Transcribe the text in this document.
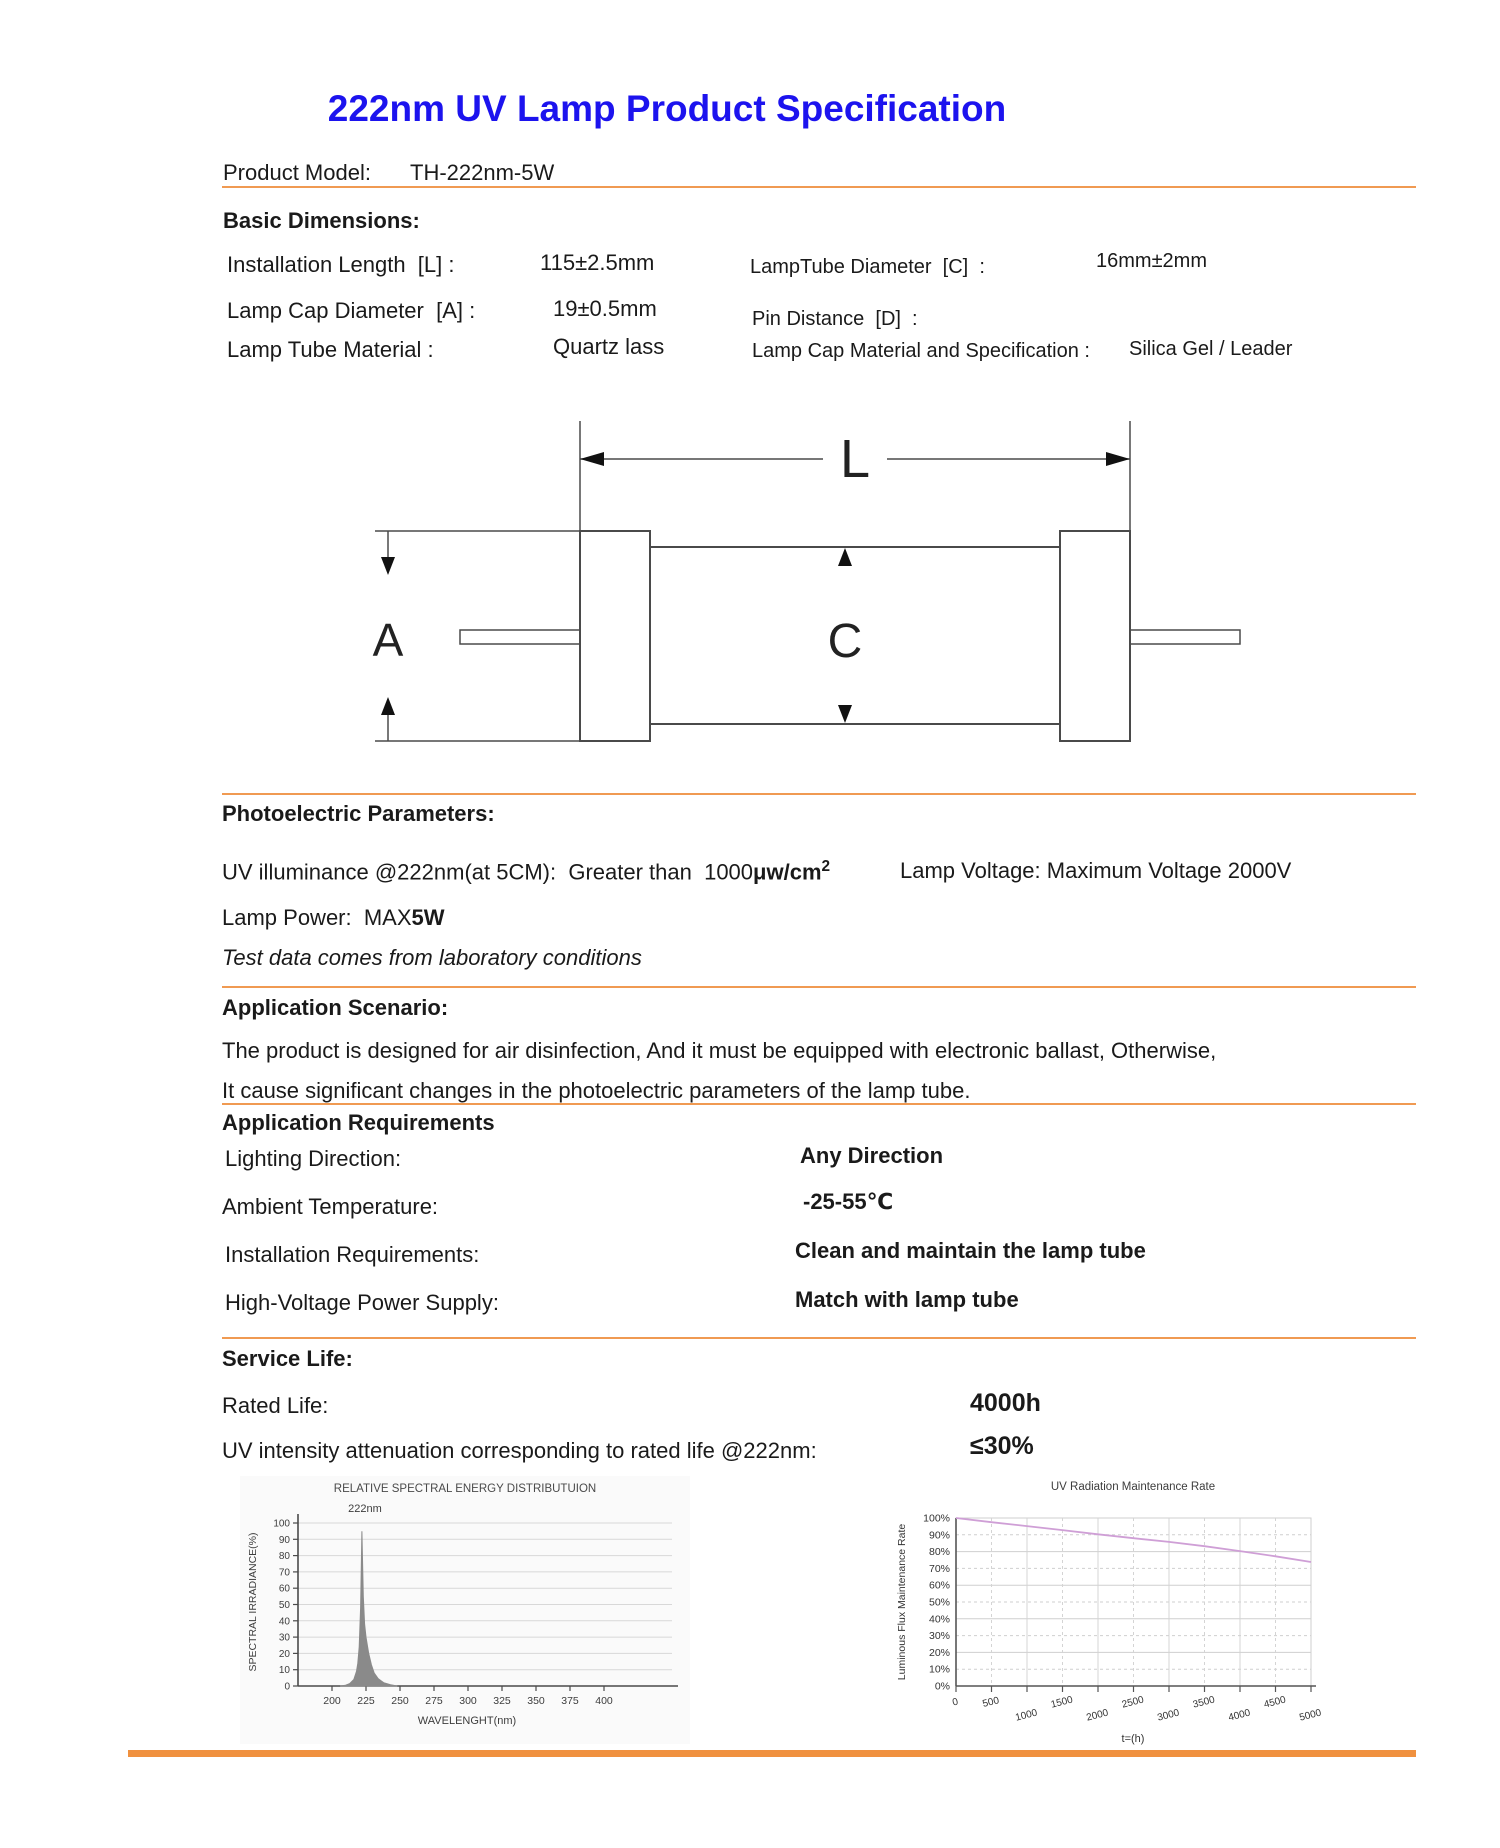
222nm UV Lamp Product Specification
Product Model: TH-222nm-5W
Basic Dimensions:
Installation Length  [L] :	115±2.5mm	LampTube Diameter  [C]  :	16mm±2mm
Lamp Cap Diameter  [A] :	19±0.5mm	Pin Distance  [D]  :
Lamp Tube Material :	Quartz lass	Lamp Cap Material and Specification : Silica Gel / Leader
L
A	C
Photoelectric Parameters:
UV illuminance @222nm(at 5CM):  Greater than  $1000\mu w/cm^2$	Lamp Voltage: Maximum Voltage 2000V
Lamp Power:  MAX5W
Test data comes from laboratory conditions
Application Scenario:
The product is designed for air disinfection, And it must be equipped with electronic ballast, Otherwise,
It cause significant changes in the photoelectric parameters of the lamp tube.
Application Requirements
Lighting Direction:	Any Direction
Ambient Temperature:	-25-55℃
Installation Requirements:	Clean and maintain the lamp tube
High-Voltage Power Supply:	Match with lamp tube
Service Life:
Rated Life:	4000h
UV intensity attenuation corresponding to rated life @222nm:	≤30%
RELATIVE SPECTRAL ENERGY DISTRIBUTUION
0
10
20
30
40
50
60
70
80
90
100
200 225 250 275 300 325 350 375 400
222nm
WAVELENGHT(nm)
SPECTRAL IRRADIANCE(%)
UV Radiation Maintenance Rate
0%
10%
20%
30%
40%
50%
60%
70%
80%
90%
100%
0 500
1000
1500
2000
2500
3000
3500
4000
4500
5000
t=(h)
Luminous Flux Maintenance Rate
